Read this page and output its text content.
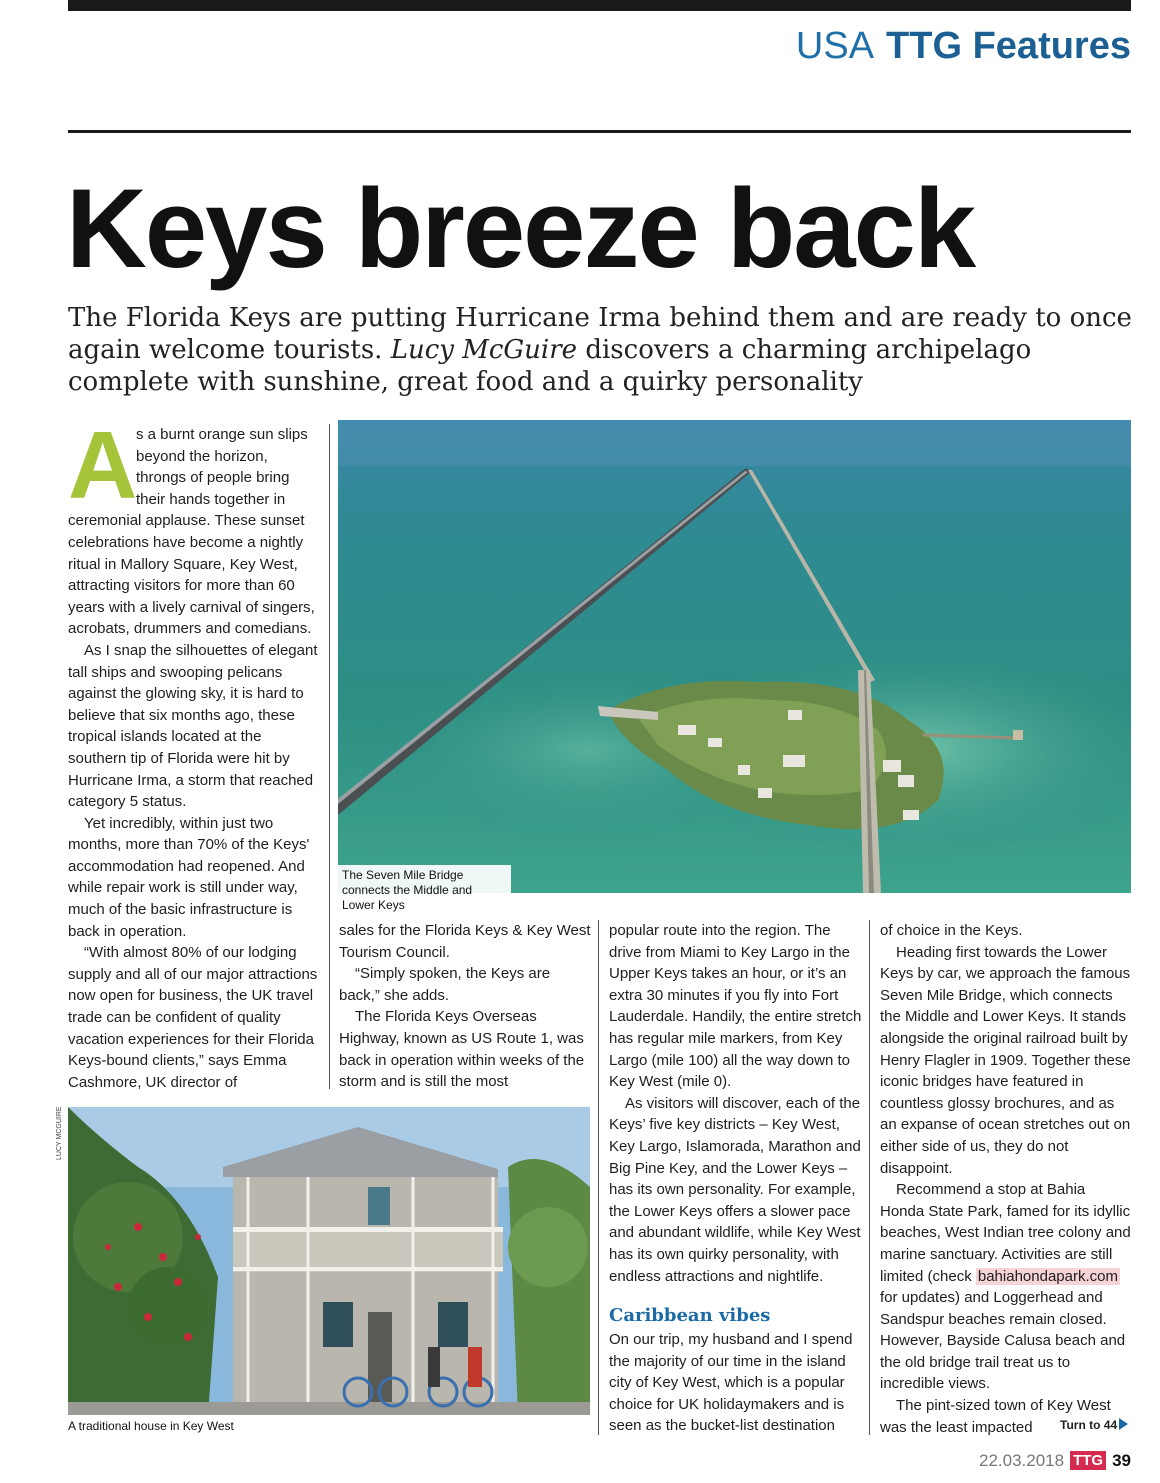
USA TTG Features
Keys breeze back

The Florida Keys are putting Hurricane Irma behind them and are ready to once again welcome tourists. Lucy McGuire discovers a charming archipelago complete with sunshine, great food and a quirky personality

The Seven Mile Bridge connects the Middle and Lower Keys
LUCY MCGUIRE
A traditional house in Key West

A
s a burnt orange sun slips beyond the horizon, throngs of people bring their hands together in ceremonial applause. These sunset celebrations have become a nightly ritual in Mallory Square, Key West, attracting visitors for more than 60 years with a lively carnival of singers, acrobats, drummers and comedians.

As I snap the silhouettes of elegant tall ships and swooping pelicans against the glowing sky, it is hard to believe that six months ago, these tropical islands located at the southern tip of Florida were hit by Hurricane Irma, a storm that reached category 5 status.

Yet incredibly, within just two months, more than 70% of the Keys' accommodation had reopened. And while repair work is still under way, much of the basic infrastructure is back in operation.

“With almost 80% of our lodging supply and all of our major attractions now open for business, the UK travel trade can be confident of quality vacation experiences for their Florida Keys-bound clients,” says Emma Cashmore, UK director of

sales for the Florida Keys & Key West Tourism Council.

“Simply spoken, the Keys are back,” she adds.

The Florida Keys Overseas Highway, known as US Route 1, was back in operation within weeks of the storm and is still the most

popular route into the region. The drive from Miami to Key Largo in the Upper Keys takes an hour, or it’s an extra 30 minutes if you fly into Fort Lauderdale. Handily, the entire stretch has regular mile markers, from Key Largo (mile 100) all the way down to Key West (mile 0).

As visitors will discover, each of the Keys’ five key districts – Key West, Key Largo, Islamorada, Marathon and Big Pine Key, and the Lower Keys – has its own personality. For example, the Lower Keys offers a slower pace and abundant wildlife, while Key West has its own quirky personality, with endless attractions and nightlife.

Caribbean vibes

On our trip, my husband and I spend the majority of our time in the island city of Key West, which is a popular choice for UK holidaymakers and is seen as the bucket-list destination

of choice in the Keys.

Heading first towards the Lower Keys by car, we approach the famous Seven Mile Bridge, which connects the Middle and Lower Keys. It stands alongside the original railroad built by Henry Flagler in 1909. Together these iconic bridges have featured in countless glossy brochures, and as an expanse of ocean stretches out on either side of us, they do not disappoint.

Recommend a stop at Bahia Honda State Park, famed for its idyllic beaches, West Indian tree colony and marine sanctuary. Activities are still limited (check bahiahondapark.com for updates) and Loggerhead and Sandspur beaches remain closed. However, Bayside Calusa beach and the old bridge trail treat us to incredible views.

The pint-sized town of Key West was the least impacted	Turn to 44
22.03.2018 TTG 39
